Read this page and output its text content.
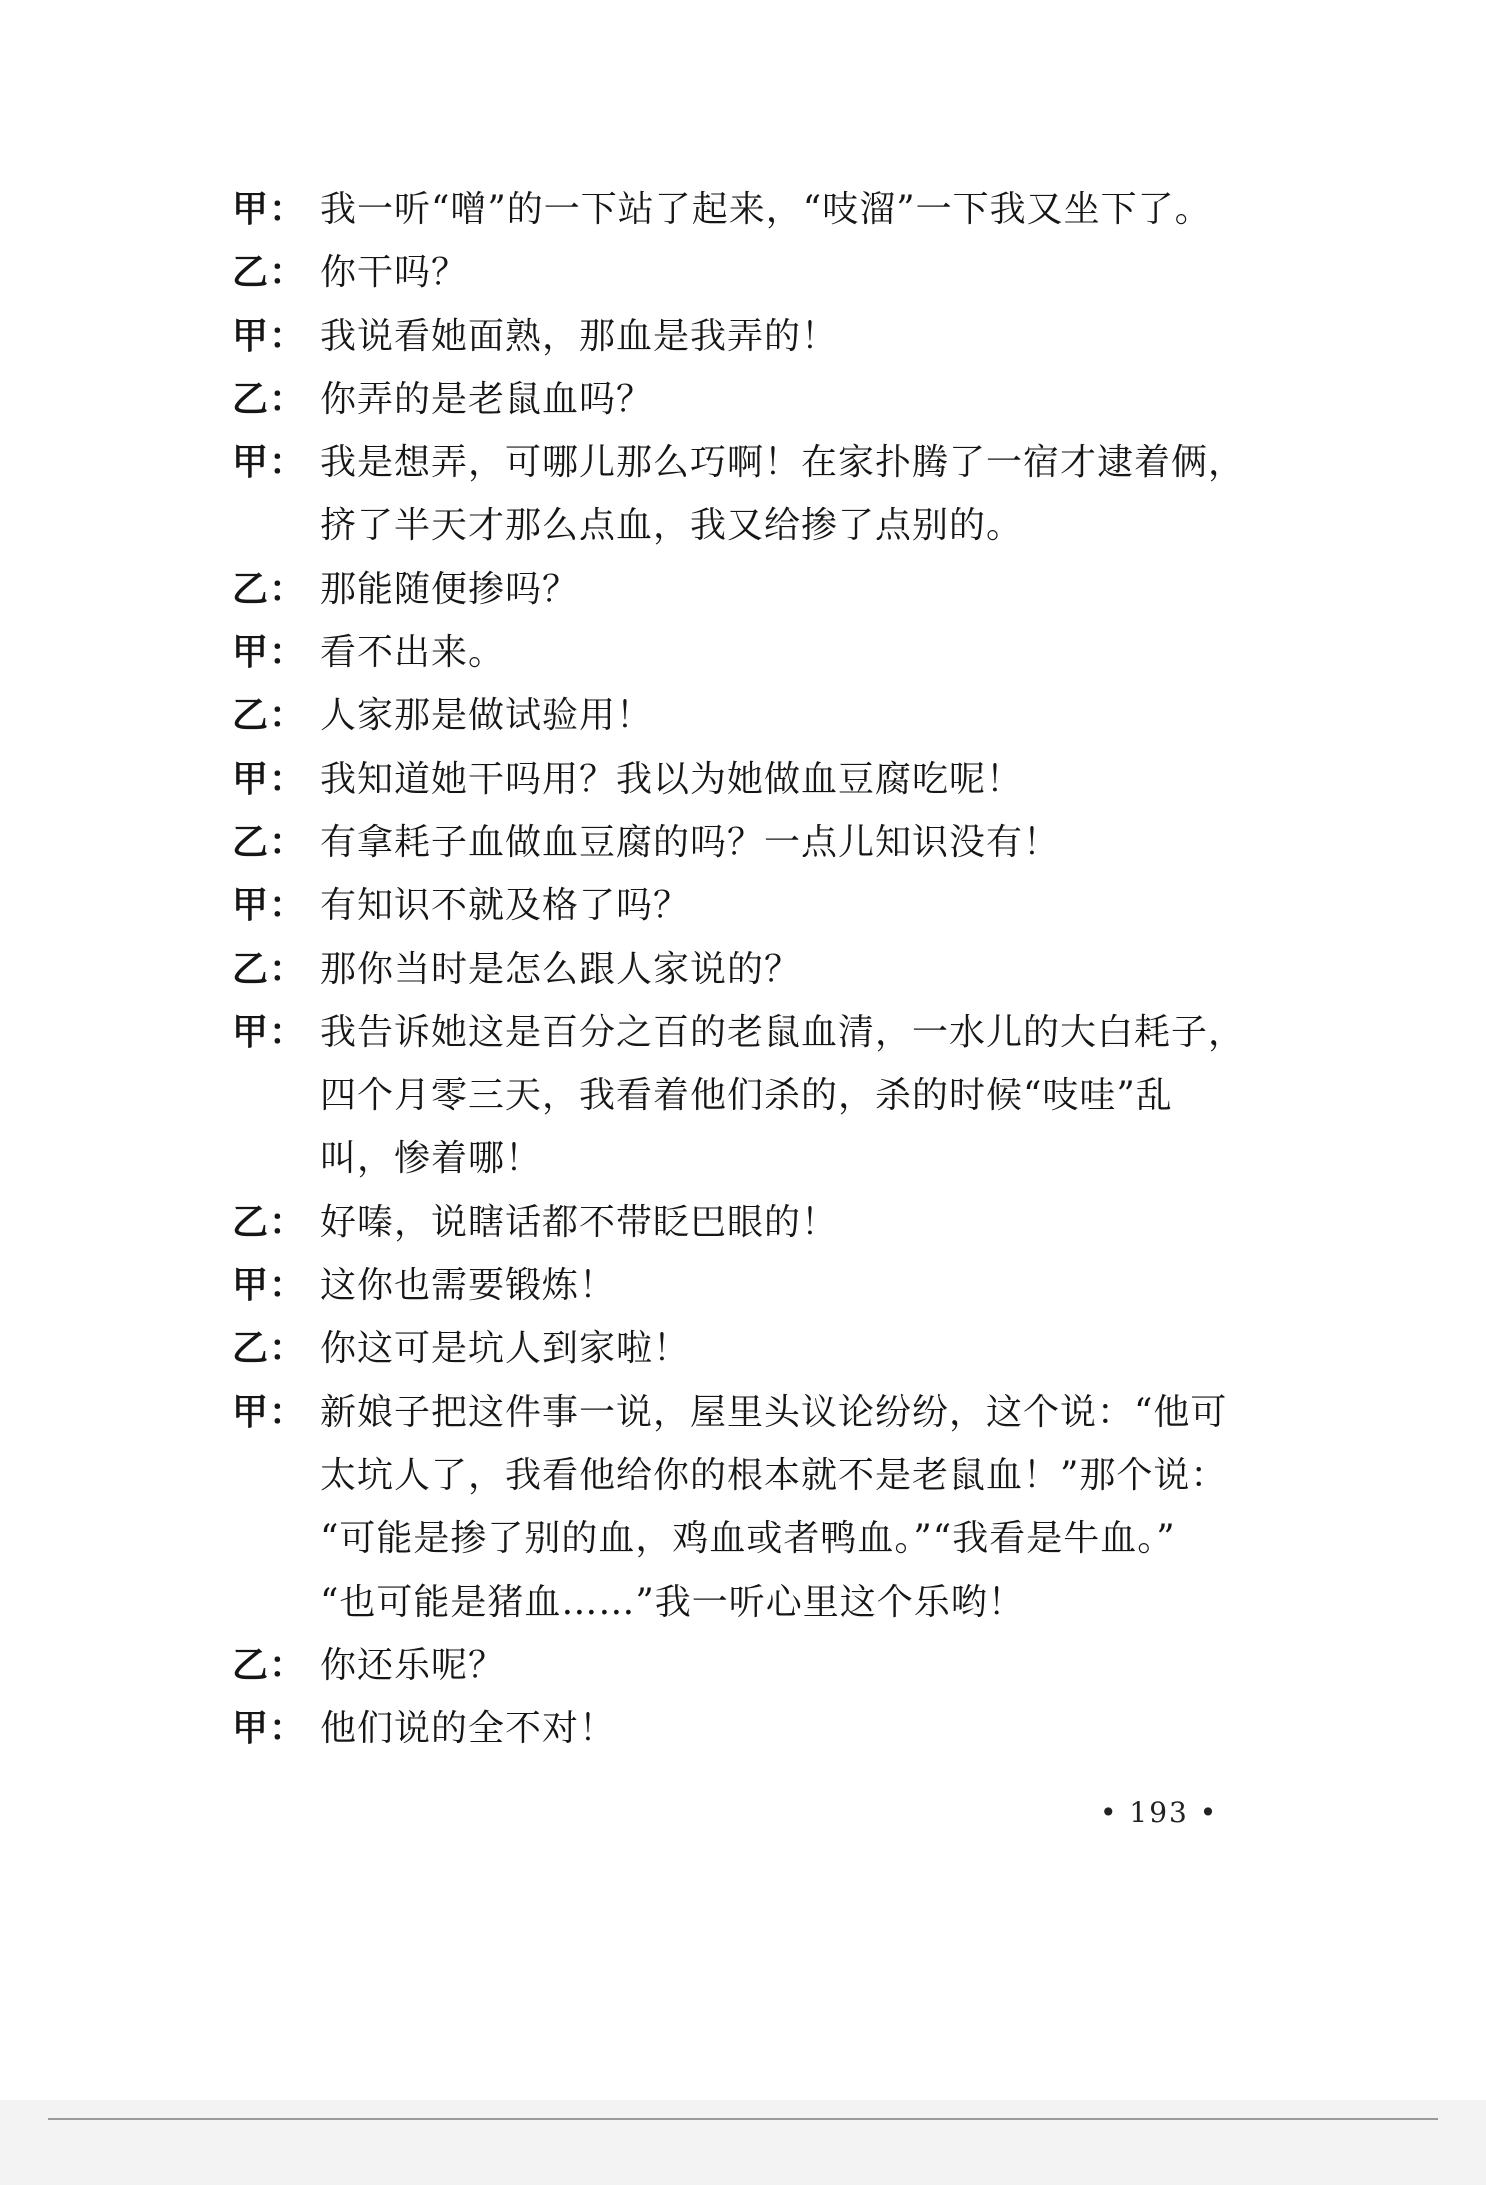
甲： 我一听“噌”的一下站了起来，“吱溜”一下我又坐下了。
乙： 你干吗？
甲： 我说看她面熟，那血是我弄的！
乙： 你弄的是老鼠血吗？
甲： 我是想弄，可哪儿那么巧啊！在家扑腾了一宿才逮着俩，
挤了半天才那么点血，我又给掺了点别的。
乙： 那能随便掺吗？
甲： 看不出来。
乙： 人家那是做试验用！
甲： 我知道她干吗用？我以为她做血豆腐吃呢！
乙： 有拿耗子血做血豆腐的吗？一点儿知识没有！
甲： 有知识不就及格了吗？
乙： 那你当时是怎么跟人家说的？
甲： 我告诉她这是百分之百的老鼠血清，一水儿的大白耗子，
四个月零三天，我看着他们杀的，杀的时候“吱哇”乱
叫，惨着哪！
乙： 好嗪，说瞎话都不带眨巴眼的！
甲： 这你也需要锻炼！
乙： 你这可是坑人到家啦！
甲： 新娘子把这件事一说，屋里头议论纷纷，这个说：“他可
太坑人了，我看他给你的根本就不是老鼠血！”那个说：
“可能是掺了别的血，鸡血或者鸭血。”“我看是牛血。”
“也可能是猪血……”我一听心里这个乐哟！
乙： 你还乐呢？
甲： 他们说的全不对！
• 193 •
